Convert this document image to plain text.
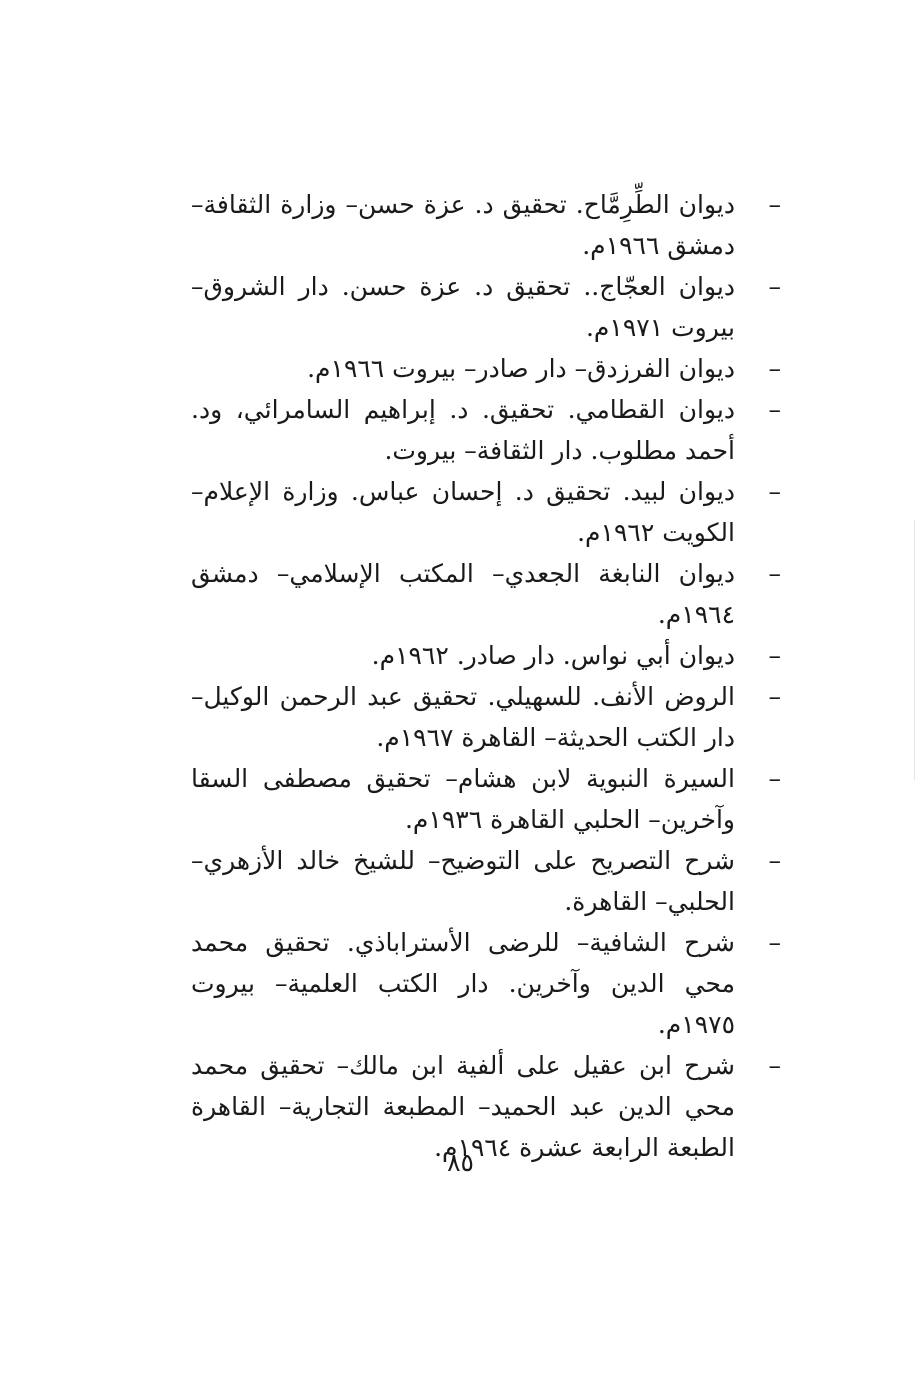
–
ديوان الطِّرِمَّاح. تحقيق د. عزة حسن– وزارة الثقافة– دمشق ١٩٦٦م.
–
ديوان العجّاج.. تحقيق د. عزة حسن. دار الشروق– بيروت ١٩٧١م.
–
ديوان الفرزدق– دار صادر– بيروت ١٩٦٦م.
–
ديوان القطامي. تحقيق. د. إبراهيم السامرائي، ود. أحمد مطلوب. دار الثقافة– بيروت.
–
ديوان لبيد. تحقيق د. إحسان عباس. وزارة الإعلام– الكويت ١٩٦٢م.
–
ديوان النابغة الجعدي– المكتب الإسلامي– دمشق ١٩٦٤م.
–
ديوان أبي نواس. دار صادر. ١٩٦٢م.
–
الروض الأنف. للسهيلي. تحقيق عبد الرحمن الوكيل– دار الكتب الحديثة– القاهرة ١٩٦٧م.
–
السيرة النبوية لابن هشام– تحقيق مصطفى السقا وآخرين– الحلبي القاهرة ١٩٣٦م.
–
شرح التصريح على التوضيح– للشيخ خالد الأزهري– الحلبي– القاهرة.
–
شرح الشافية– للرضى الأستراباذي. تحقيق محمد محي الدين وآخرين. دار الكتب العلمية– بيروت ١٩٧٥م.
–
شرح ابن عقيل على ألفية ابن مالك– تحقيق محمد محي الدين عبد الحميد– المطبعة التجارية– القاهرة الطبعة الرابعة عشرة ١٩٦٤م.
٨٥
